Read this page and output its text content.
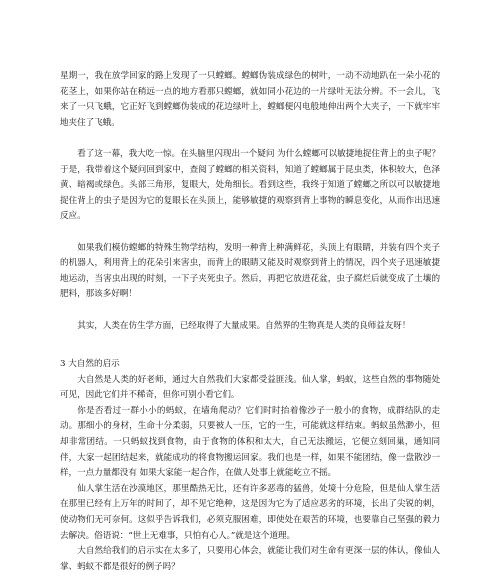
星期一，我在放学回家的路上发现了一只螳螂。螳螂伪装成绿色的树叶，一动不动地趴在一朵小花的花茎上，如果你站在稍远一点的地方看那只螳螂，就如同小花边的一片绿叶无法分辨。不一会儿，飞来了一只飞蛾，它正好飞到螳螂伪装成的花边绿叶上，螳螂便闪电般地伸出两个大夹子，一下就牢牢地夹住了飞蛾。

看了这一幕，我大吃一惊。在头脑里闪现出一个疑问 为什么螳螂可以敏捷地捉住背上的虫子呢？于是，我带着这个疑问回到家中，查阅了螳螂的相关资料，知道了螳螂属于昆虫类，体积较大，色泽黄、暗褐或绿色。头部三角形，复眼大，处角细长。看到这些，我终于知道了螳螂之所以可以敏捷地捉住背上的虫子是因为它的复眼长在头顶上，能够敏捷的观察到背上事物的瞬息变化，从而作出迅速反应。

如果我们模仿螳螂的特殊生物学结构，发明一种背上种满鲜花，头顶上有眼睛，并装有四个夹子的机器人，利用背上的花朵引来害虫，而背上的眼睛又能及时观察到背上的情况，四个夹子迅速敏捷地运动，当害虫出现的时刻，一下子夹死虫子。然后，再把它放进花盆，虫子腐烂后就变成了土壤的肥料，那该多好啊！

其实，人类在仿生学方面，已经取得了大量成果。自然界的生物真是人类的良师益友呀！

3 大自然的启示

大自然是人类的好老师，通过大自然我们大家都受益匪浅。仙人掌，蚂蚁，这些自然的事物随处可见，因此它们并不稀奇，但你可别小看它们。

你是否看过一群小小的蚂蚁，在墙角爬动？它们时时抬着像沙子一般小的食物，成群结队的走动。那细小的身材，生命十分柔弱，只要被人一压，它的一生，可能就这样结束。蚂蚁虽然渺小，但却非常团结。一只蚂蚁找到食物，由于食物的体积和太大，自己无法搬运，它便立刻回巢，通知同伴，大家一起团结起来，就能成功的将食物搬运回家。我们也是一样，如果不能团结，像一盘散沙一样，一点力量都没有 如果大家能一起合作，在做人处事上就能屹立不摇。

仙人掌生活在沙漠地区，那里酷热无比，还有许多恶毒的猛兽，处境十分危险，但是仙人掌生活在那里已经有上万年的时间了，却不见它绝种，这是因为它为了适应恶劣的环境，长出了尖锐的刺，使动物们无可奈何。这似乎告诉我们，必须克服困难，即使处在艰苦的环境，也要靠自己坚强的毅力去解决。俗语说：“世上无难事，只怕有心人。”就是这个道理。

大自然给我们的启示实在太多了，只要用心体会，就能让我们对生命有更深一层的体认，像仙人掌、蚂蚁不都是很好的例子吗？
